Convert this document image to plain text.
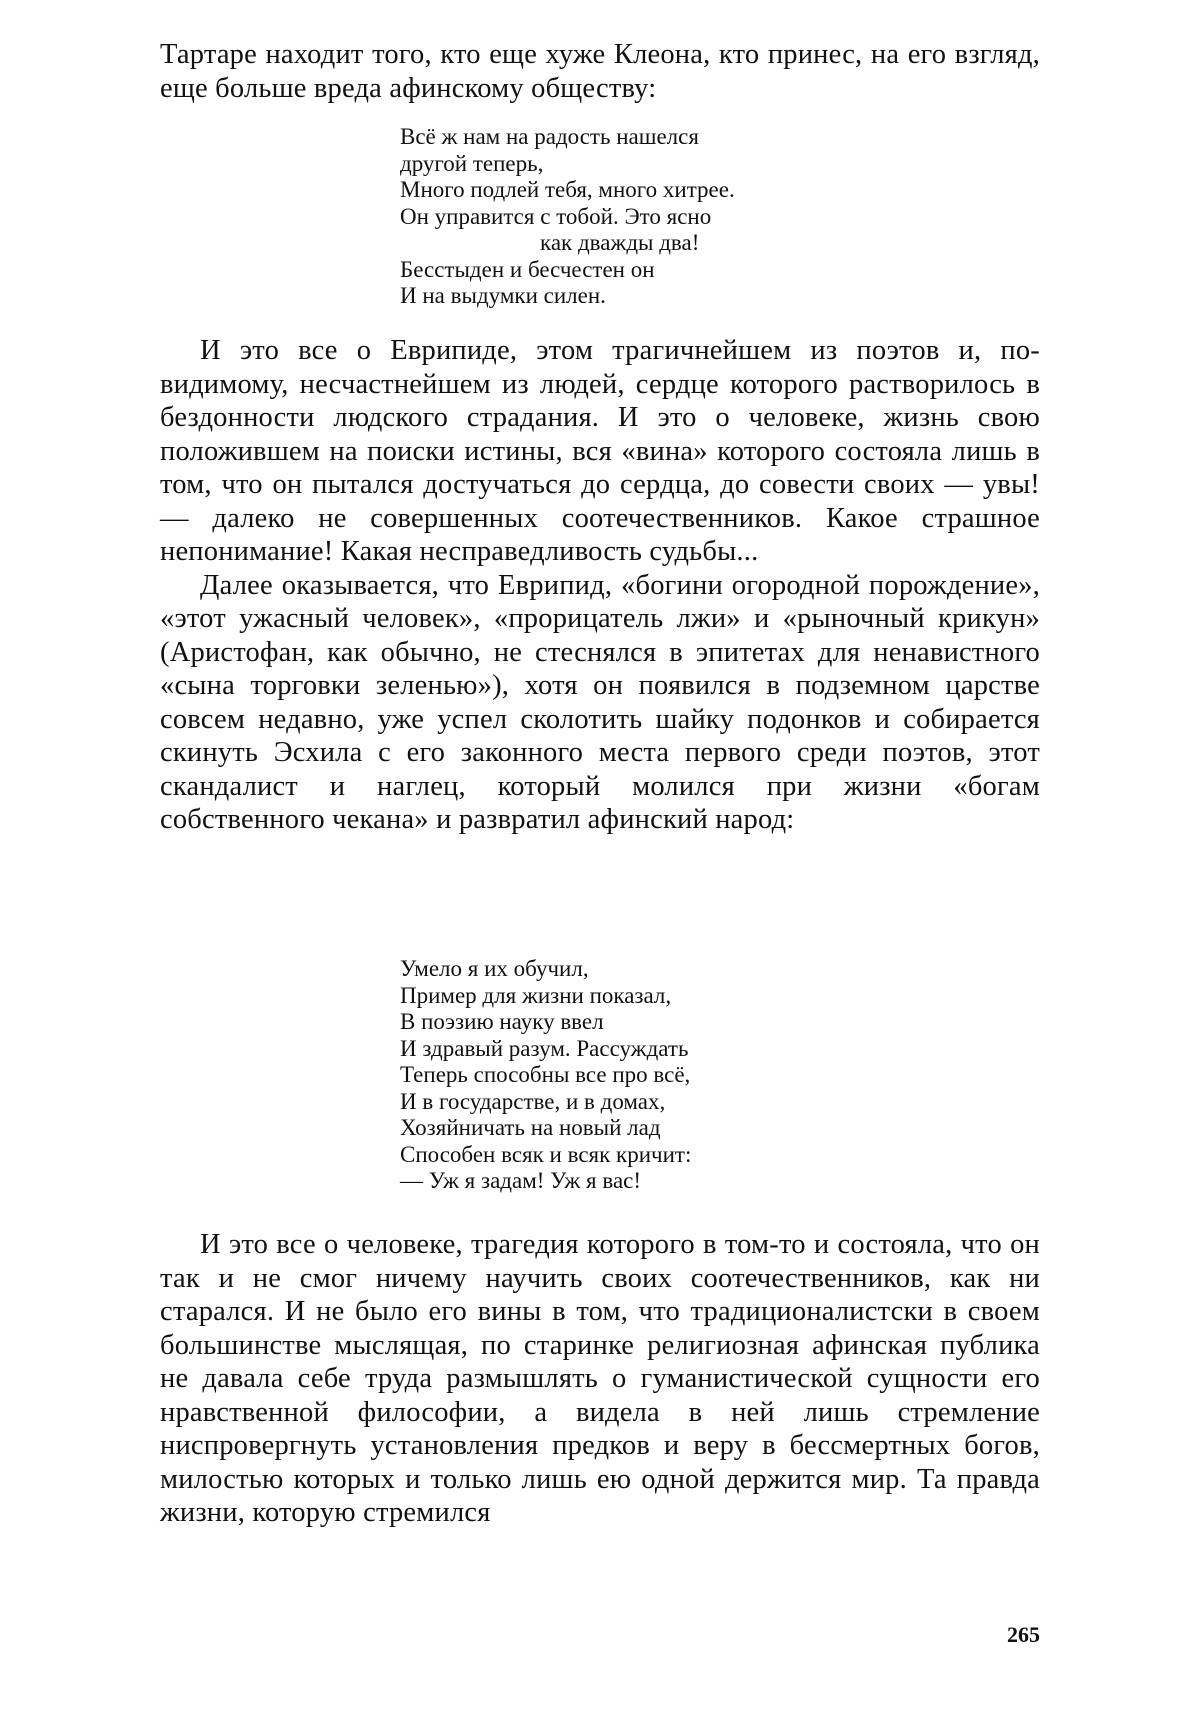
Тартаре находит того, кто еще хуже Клеона, кто принес, на его взгляд, еще больше вреда афинскому обществу:

Всё ж нам на радость нашелся
другой теперь,
Много подлей тебя, много хитрее.
Он управится с тобой. Это ясно
как дважды два!
Бесстыден и бесчестен он
И на выдумки силен.

И это все о Еврипиде, этом трагичнейшем из поэтов и, по-видимому, несчастнейшем из людей, сердце которого растворилось в бездонности людского страдания. И это о человеке, жизнь свою положившем на поиски истины, вся «вина» которого состояла лишь в том, что он пытался достучаться до сердца, до совести своих — увы! — далеко не совершенных соотечественников. Какое страшное непонимание! Какая несправедливость судьбы...

Далее оказывается, что Еврипид, «богини огородной порождение», «этот ужасный человек», «прорицатель лжи» и «рыночный крикун» (Аристофан, как обычно, не стеснялся в эпитетах для ненавистного «сына торговки зеленью»), хотя он появился в подземном царстве совсем недавно, уже успел сколотить шайку подонков и собирается скинуть Эсхила с его законного места первого среди поэтов, этот скандалист и наглец, который молился при жизни «богам собственного чекана» и развратил афинский народ:

Умело я их обучил,
Пример для жизни показал,
В поэзию науку ввел
И здравый разум. Рассуждать
Теперь способны все про всё,
И в государстве, и в домах,
Хозяйничать на новый лад
Способен всяк и всяк кричит:
— Уж я задам! Уж я вас!

И это все о человеке, трагедия которого в том-то и состояла, что он так и не смог ничему научить своих соотечественников, как ни старался. И не было его вины в том, что традиционалистски в своем большинстве мыслящая, по старинке религиозная афинская публика не давала себе труда размышлять о гуманистической сущности его нравственной философии, а видела в ней лишь стремление ниспровергнуть установления предков и веру в бессмертных богов, милостью которых и только лишь ею одной держится мир. Та правда жизни, которую стремился

265
